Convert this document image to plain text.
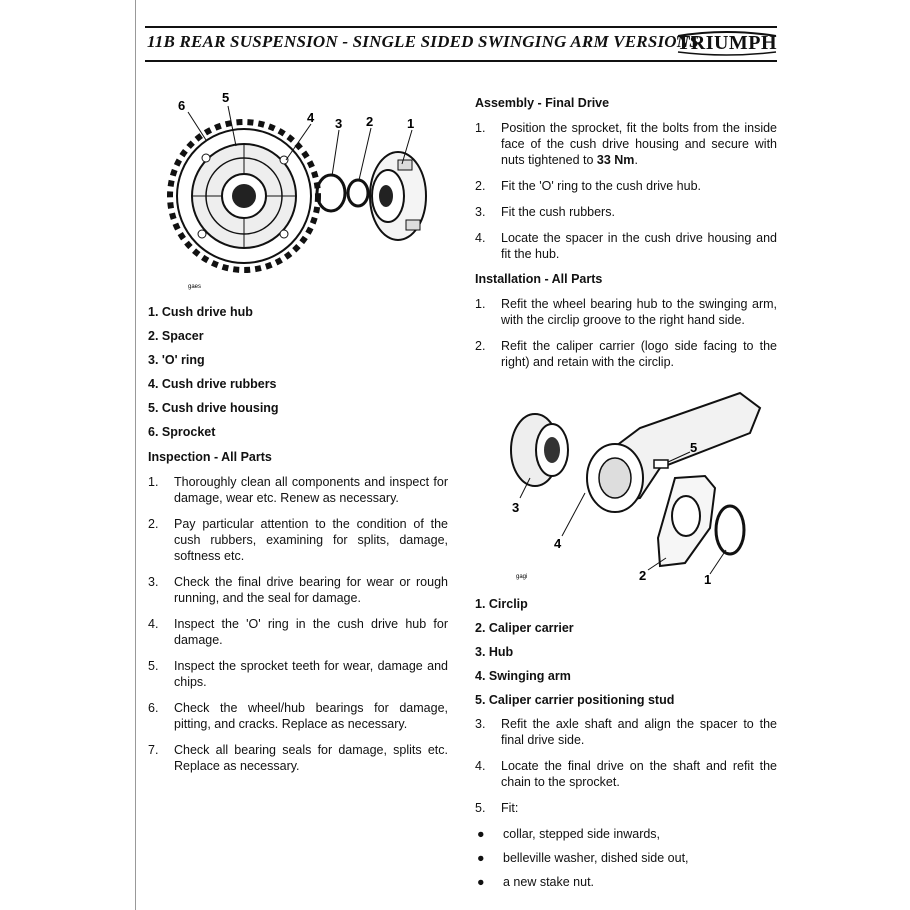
11B REAR SUSPENSION - SINGLE SIDED SWINGING ARM VERSIONS
TRIUMPH
6
5
4 3 2	1
gaes
1. Cush drive hub
2. Spacer
3. 'O' ring
4. Cush drive rubbers
5. Cush drive housing
6. Sprocket
Inspection - All Parts
1.	Thoroughly clean all components and inspect for damage, wear etc. Renew as necessary.
2.	Pay particular attention to the condition of the cush rubbers, examining for splits, damage, softness etc.
3.	Check the final drive bearing for wear or rough running, and the seal for damage.
4.	Inspect the 'O' ring in the cush drive hub for damage.
5.	Inspect the sprocket teeth for wear, damage and chips.
6.	Check the wheel/hub bearings for damage, pitting, and cracks. Replace as necessary.
7.	Check all bearing seals for damage, splits etc. Replace as necessary.
Assembly - Final Drive
1.	Position the sprocket, fit the bolts from the inside face of the cush drive housing and secure with nuts tightened to 33 Nm.
2.	Fit the 'O' ring to the cush drive hub.
3.	Fit the cush rubbers.
4.	Locate the spacer in the cush drive housing and fit the hub.
Installation - All Parts
1.	Refit the wheel bearing hub to the swinging arm, with the circlip groove to the right hand side.
2.	Refit the caliper carrier (logo side facing to the right) and retain with the circlip.
1. Circlip
2. Caliper carrier
3. Hub
4. Swinging arm
5. Caliper carrier positioning stud
3.	Refit the axle shaft and align the spacer to the final drive side.
4.	Locate the final drive on the shaft and refit the chain to the sprocket.
5.	Fit:
●	collar, stepped side inwards,
●	belleville washer, dished side out,
●	a new stake nut.
5
3
4
2	1
gagi
